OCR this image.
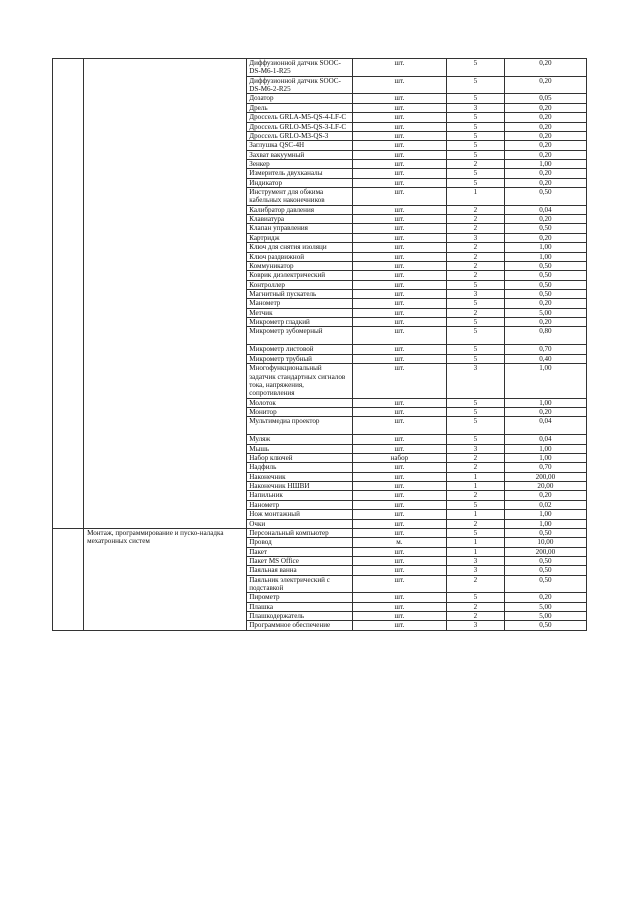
		Диффузионной датчик SOOC-DS-M6-1-R25	шт.	5	0,20
		Диффузионной датчик SOOC-DS-M6-2-R25	шт.	5	0,20
		Дозатор	шт.	5	0,05
		Дрель	шт.	3	0,20
		Дроссель GRLA-M5-QS-4-LF-C	шт.	5	0,20
		Дроссель GRLO-M5-QS-3-LF-C	шт.	5	0,20
		Дроссель GRLO-M3-QS-3	шт.	5	0,20
		Заглушка QSC-4H	шт.	5	0,20
		Захват вакуумный	шт.	5	0,20
		Зенкер	шт.	2	1,00
		Измеритель двухканалы	шт.	5	0,20
		Индикатор	шт.	5	0,20
		Инструмент для обжима кабельных наконечников	шт.	1	0,50
		Калибратор давления	шт.	2	0,04
		Клавиатура	шт.	2	0,20
		Клапан управления	шт.	2	0,50
		Картридж	шт.	3	0,20
		Ключ для снятия изоляци	шт.	2	1,00
		Ключ раздвижной	шт.	2	1,00
		Коммуникатор	шт.	2	0,50
		Коврик диэлектрический	шт.	2	0,50
		Контроллер	шт.	5	0,50
		Магнитный пускатель	шт.	3	0,50
		Манометр	шт.	5	0,20
		Метчик	шт.	2	5,00
		Микрометр гладкий	шт.	5	0,20
		Микрометр зубомерный	шт.	5	0,80
		Микрометр листовой	шт.	5	0,70
		Микрометр трубный	шт.	5	0,40
		Многофункциональный задатчик стандартных сигналов тока, напряжения, сопротивления	шт.	3	1,00
		Молоток	шт.	5	1,00
		Монитор	шт.	5	0,20
		Мультимедиа проектор	шт.	5	0,04
		Муляж	шт.	5	0,04
		Мышь	шт.	3	1,00
		Набор ключей	набор	2	1,00
		Надфиль	шт.	2	0,70
		Наконечник	шт.	1	200,00
		Наконечник НШВИ	шт.	1	20,00
		Напильник	шт.	2	0,20
		Нанометр	шт.	5	0,02
		Нож монтажный	шт.	1	1,00
		Очки	шт.	2	1,00
	Монтаж, программирование и пуско-наладка мехатронных систем	Персональный компьютер	шт.	5	0,50
		Провод	м.	1	10,00
		Пакет	шт.	1	200,00
		Пакет MS Office	шт.	3	0,50
		Паяльная ванна	шт.	3	0,50
		Паяльник электрический с подставкой	шт.	2	0,50
		Пирометр	шт.	5	0,20
		Плашка	шт.	2	5,00
		Плашкодержатель	шт.	2	5,00
		Программное обеспечение	шт.	3	0,50
